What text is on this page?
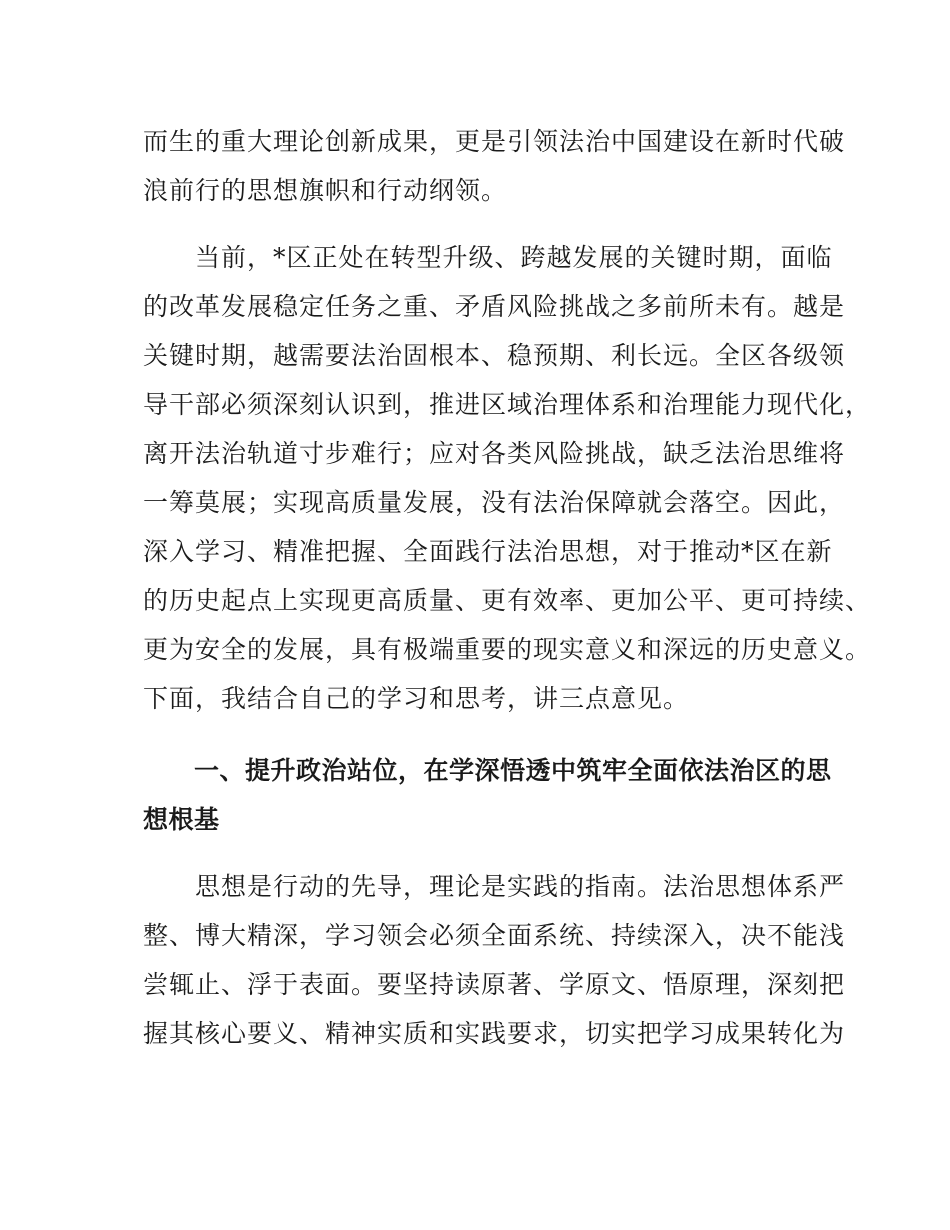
而生的重大理论创新成果，更是引领法治中国建设在新时代破
浪前行的思想旗帜和行动纲领。

　　当前，*区正处在转型升级、跨越发展的关键时期，面临
的改革发展稳定任务之重、矛盾风险挑战之多前所未有。越是
关键时期，越需要法治固根本、稳预期、利长远。全区各级领
导干部必须深刻认识到，推进区域治理体系和治理能力现代化，
离开法治轨道寸步难行；应对各类风险挑战，缺乏法治思维将
一筹莫展；实现高质量发展，没有法治保障就会落空。因此，
深入学习、精准把握、全面践行法治思想，对于推动*区在新
的历史起点上实现更高质量、更有效率、更加公平、更可持续、
更为安全的发展，具有极端重要的现实意义和深远的历史意义。
下面，我结合自己的学习和思考，讲三点意见。

　　一、提升政治站位，在学深悟透中筑牢全面依法治区的思
想根基

　　思想是行动的先导，理论是实践的指南。法治思想体系严
整、博大精深，学习领会必须全面系统、持续深入，决不能浅
尝辄止、浮于表面。要坚持读原著、学原文、悟原理，深刻把
握其核心要义、精神实质和实践要求，切实把学习成果转化为
